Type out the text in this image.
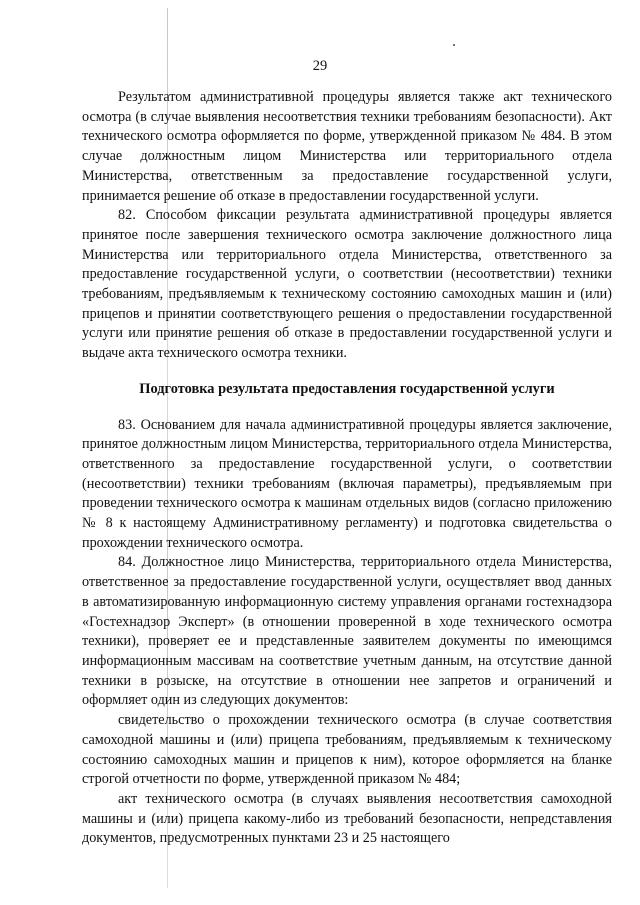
29

Результатом административной процедуры является также акт технического осмотра (в случае выявления несоответствия техники требованиям безопасности). Акт технического осмотра оформляется по форме, утвержденной приказом № 484. В этом случае должностным лицом Министерства или территориального отдела Министерства, ответственным за предоставление государственной услуги, принимается решение об отказе в предоставлении государственной услуги.

82. Способом фиксации результата административной процедуры является принятое после завершения технического осмотра заключение должностного лица Министерства или территориального отдела Министерства, ответственного за предоставление государственной услуги, о соответствии (несоответствии) техники требованиям, предъявляемым к техническому состоянию самоходных машин и (или) прицепов и принятии соответствующего решения о предоставлении государственной услуги или принятие решения об отказе в предоставлении государственной услуги и выдаче акта технического осмотра техники.

Подготовка результата предоставления государственной услуги

83. Основанием для начала административной процедуры является заключение, принятое должностным лицом Министерства, территориального отдела Министерства, ответственного за предоставление государственной услуги, о соответствии (несоответствии) техники требованиям (включая параметры), предъявляемым при проведении технического осмотра к машинам отдельных видов (согласно приложению № 8 к настоящему Административному регламенту) и подготовка свидетельства о прохождении технического осмотра.

84. Должностное лицо Министерства, территориального отдела Министерства, ответственное за предоставление государственной услуги, осуществляет ввод данных в автоматизированную информационную систему управления органами гостехнадзора «Гостехнадзор Эксперт» (в отношении проверенной в ходе технического осмотра техники), проверяет ее и представленные заявителем документы по имеющимся информационным массивам на соответствие учетным данным, на отсутствие данной техники в розыске, на отсутствие в отношении нее запретов и ограничений и оформляет один из следующих документов:

свидетельство о прохождении технического осмотра (в случае соответствия самоходной машины и (или) прицепа требованиям, предъявляемым к техническому состоянию самоходных машин и прицепов к ним), которое оформляется на бланке строгой отчетности по форме, утвержденной приказом № 484;

акт технического осмотра (в случаях выявления несоответствия самоходной машины и (или) прицепа какому-либо из требований безопасности, непредставления документов, предусмотренных пунктами 23 и 25 настоящего
